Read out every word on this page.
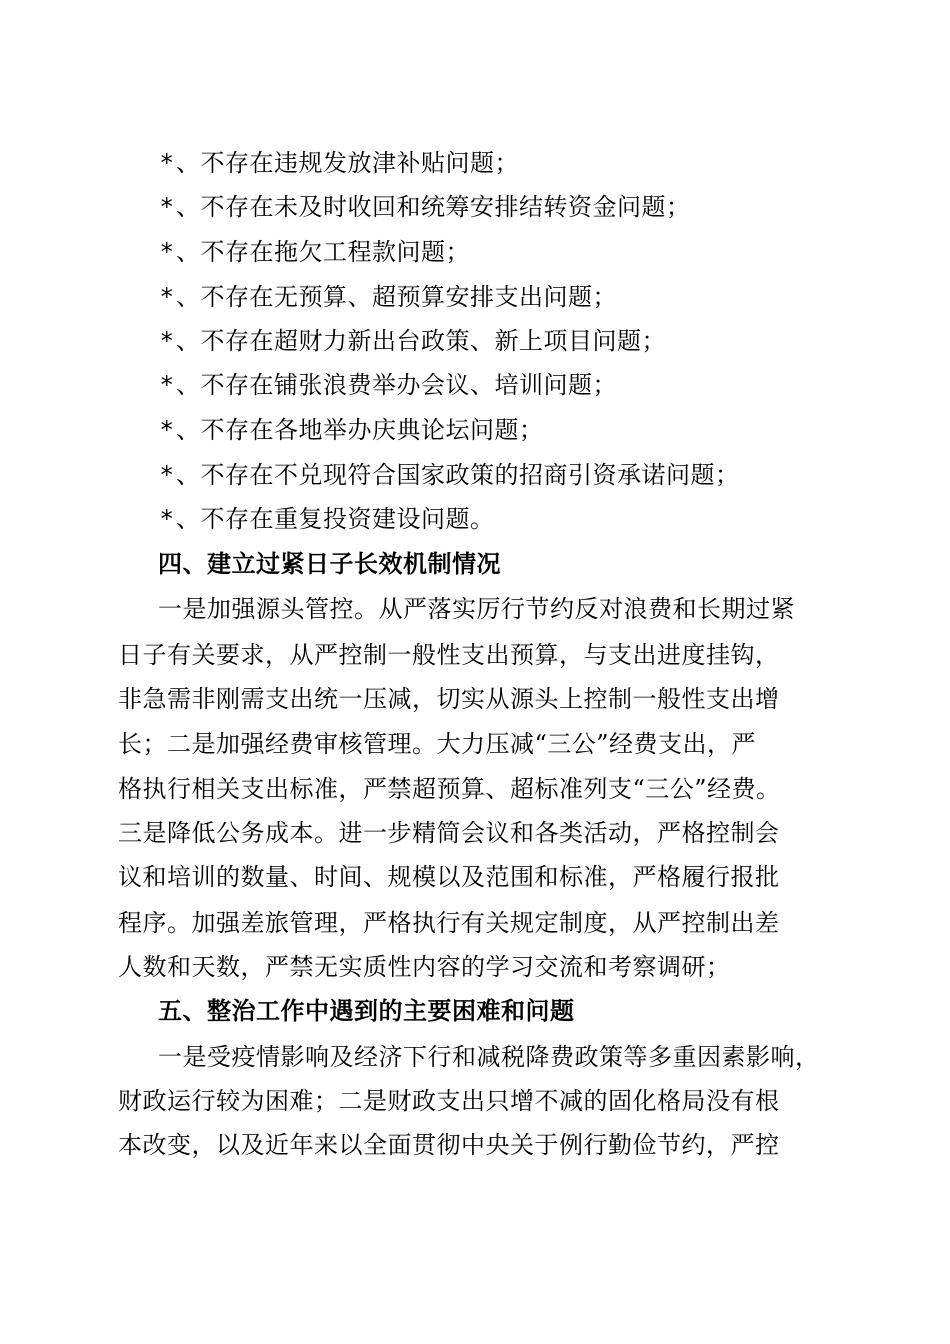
*、不存在违规发放津补贴问题；
*、不存在未及时收回和统筹安排结转资金问题；
*、不存在拖欠工程款问题；
*、不存在无预算、超预算安排支出问题；
*、不存在超财力新出台政策、新上项目问题；
*、不存在铺张浪费举办会议、培训问题；
*、不存在各地举办庆典论坛问题；
*、不存在不兑现符合国家政策的招商引资承诺问题；
*、不存在重复投资建设问题。
四、建立过紧日子长效机制情况
一是加强源头管控。从严落实厉行节约反对浪费和长期过紧
日子有关要求，从严控制一般性支出预算，与支出进度挂钩，
非急需非刚需支出统一压减，切实从源头上控制一般性支出增
长；二是加强经费审核管理。大力压减“三公”经费支出，严
格执行相关支出标准，严禁超预算、超标准列支“三公”经费。
三是降低公务成本。进一步精简会议和各类活动，严格控制会
议和培训的数量、时间、规模以及范围和标准，严格履行报批
程序。加强差旅管理，严格执行有关规定制度，从严控制出差
人数和天数，严禁无实质性内容的学习交流和考察调研；
五、整治工作中遇到的主要困难和问题
一是受疫情影响及经济下行和减税降费政策等多重因素影响，
财政运行较为困难；二是财政支出只增不减的固化格局没有根
本改变，以及近年来以全面贯彻中央关于例行勤俭节约，严控
